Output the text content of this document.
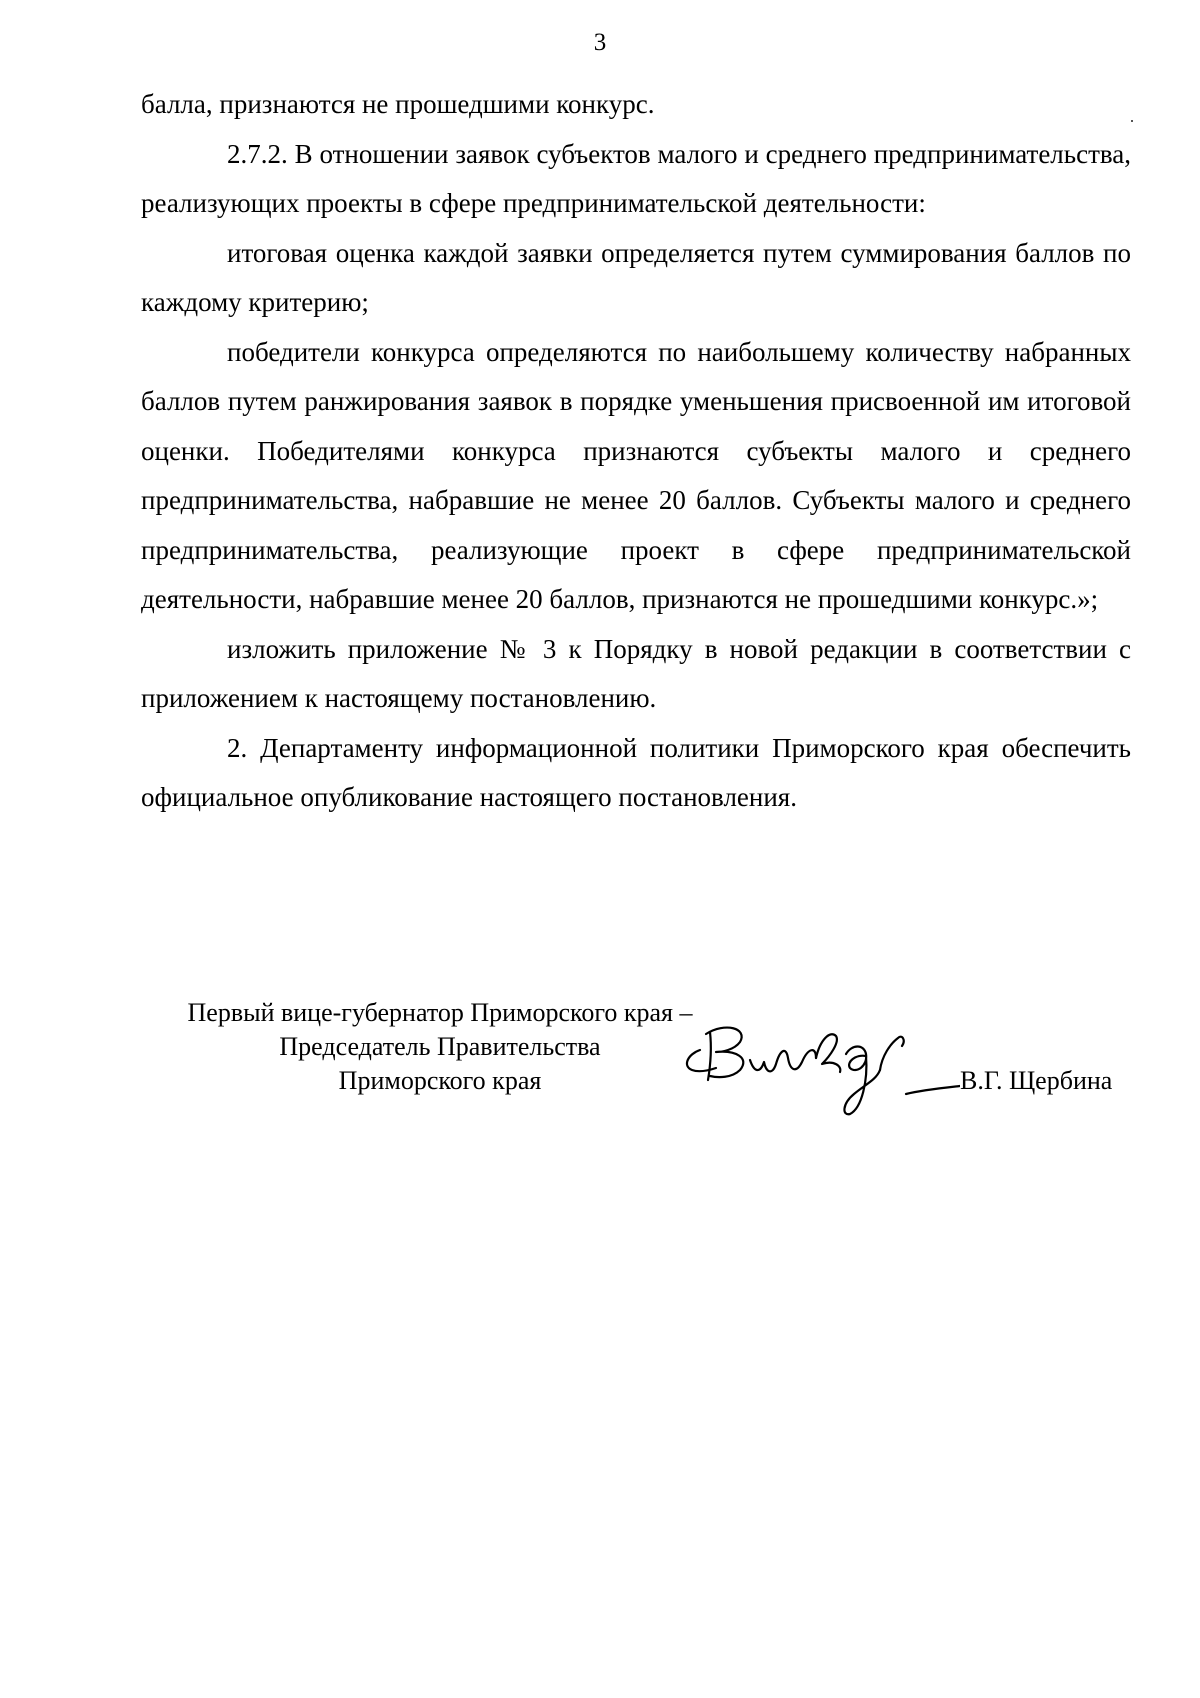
3

балла, признаются не прошедшими конкурс.

2.7.2. В отношении заявок субъектов малого и среднего предпринимательства, реализующих проекты в сфере предпринимательской деятельности:

итоговая оценка каждой заявки определяется путем суммирования баллов по каждому критерию;

победители конкурса определяются по наибольшему количеству набранных баллов путем ранжирования заявок в порядке уменьшения присвоенной им итоговой оценки. Победителями конкурса признаются субъекты малого и среднего предпринимательства, набравшие не менее 20 баллов. Субъекты малого и среднего предпринимательства, реализующие проект в сфере предпринимательской деятельности, набравшие менее 20 баллов, признаются не прошедшими конкурс.»;

изложить приложение № 3 к Порядку в новой редакции в соответствии с приложением к настоящему постановлению.

2. Департаменту информационной политики Приморского края обеспечить официальное опубликование настоящего постановления.

Первый вице-губернатор Приморского края –
Председатель Правительства
Приморского края	В.Г. Щербина
